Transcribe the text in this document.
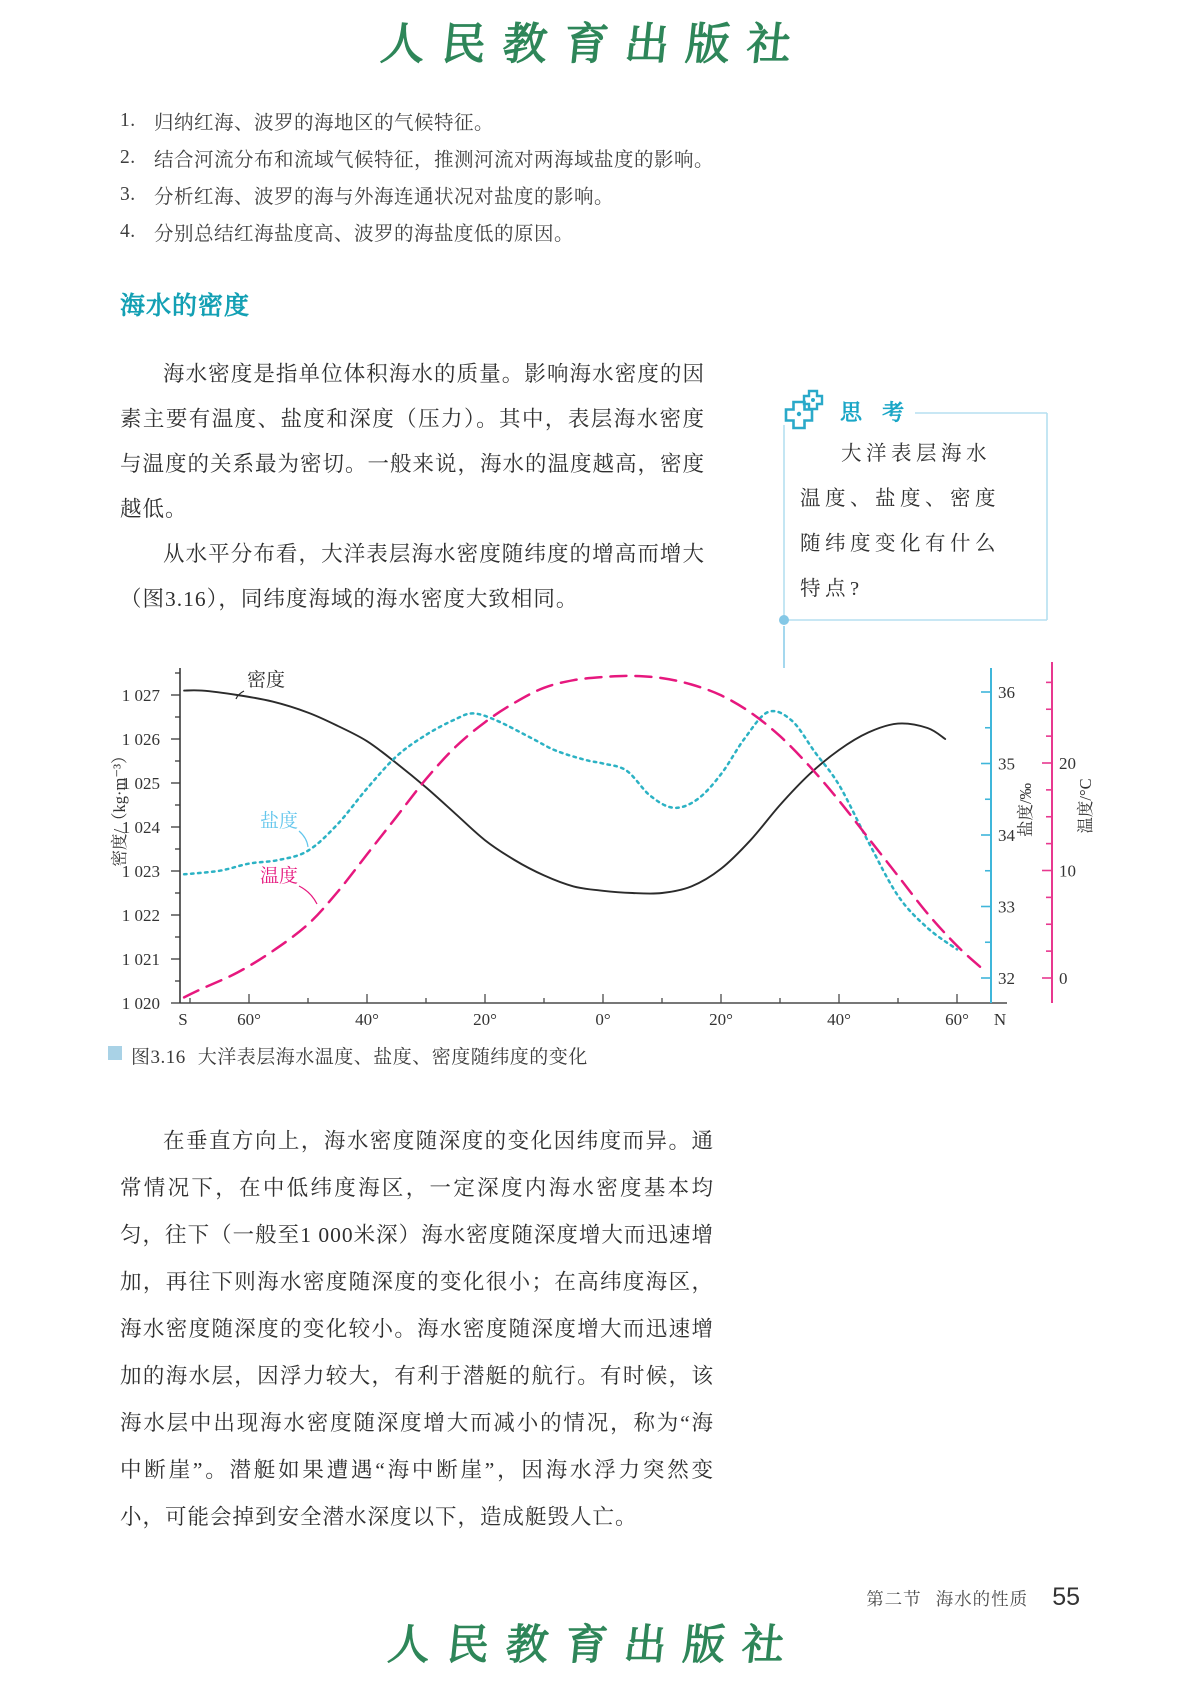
人民教育出版社
1. 归纳红海、波罗的海地区的气候特征。
2. 结合河流分布和流域气候特征，推测河流对两海域盐度的影响。
3. 分析红海、波罗的海与外海连通状况对盐度的影响。
4. 分别总结红海盐度高、波罗的海盐度低的原因。
海水的密度

海水密度是指单位体积海水的质量。影响海水密度的因素主要有温度、盐度和深度（压力）。其中，表层海水密度与温度的关系最为密切。一般来说，海水的温度越高，密度越低。

从水平分布看，大洋表层海水密度随纬度的增高而增大（图3.16），同纬度海域的海水密度大致相同。

思 考
大洋表层海水
温度、盐度、密度
随纬度变化有什么
特点?
60°	40°	20°	0°	20°	40°	60°
S	N
1 020
1 021
1 022
1 023
1 024
1 025
1 026
1 027
密度/（kg·m⁻³）
32
33
34
35
36
盐度/‰
0
10
20
温度/°C
密度
盐度
温度
图3.16 大洋表层海水温度、盐度、密度随纬度的变化
在垂直方向上，海水密度随深度的变化因纬度而异。通常情况下，在中低纬度海区，一定深度内海水密度基本均匀，往下（一般至1 000米深）海水密度随深度增大而迅速增加，再往下则海水密度随深度的变化很小；在高纬度海区，海水密度随深度的变化较小。海水密度随深度增大而迅速增加的海水层，因浮力较大，有利于潜艇的航行。有时候，该海水层中出现海水密度随深度增大而减小的情况，称为“海中断崖”。潜艇如果遭遇“海中断崖”，因海水浮力突然变小，可能会掉到安全潜水深度以下，造成艇毁人亡。
第二节 海水的性质 55
人民教育出版社
